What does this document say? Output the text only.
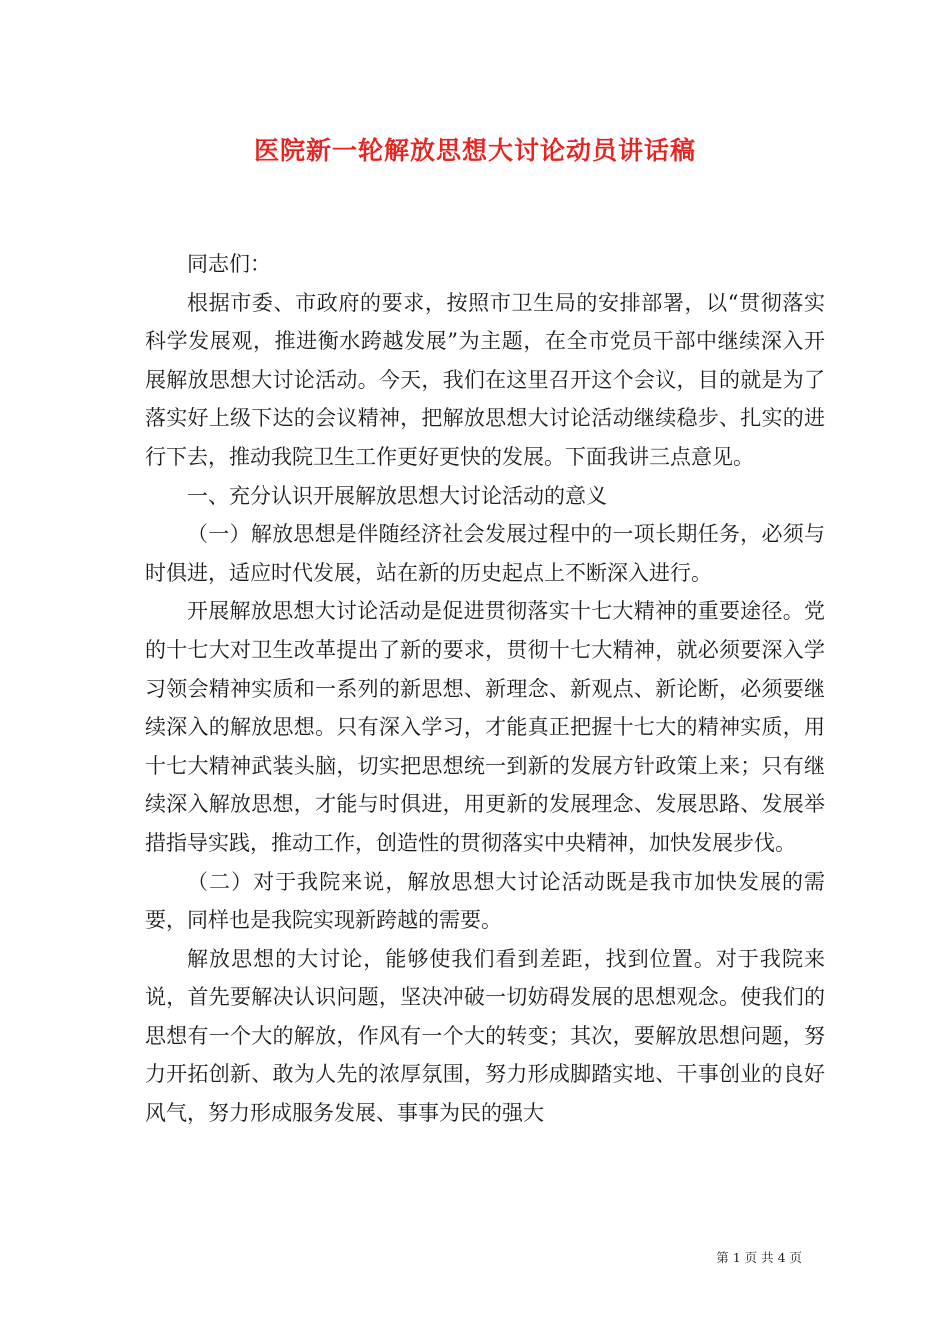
医院新一轮解放思想大讨论动员讲话稿

同志们：

根据市委、市政府的要求，按照市卫生局的安排部署，以“贯彻落实科学发展观，推进衡水跨越发展”为主题，在全市党员干部中继续深入开展解放思想大讨论活动。今天，我们在这里召开这个会议，目的就是为了落实好上级下达的会议精神，把解放思想大讨论活动继续稳步、扎实的进行下去，推动我院卫生工作更好更快的发展。下面我讲三点意见。

一、充分认识开展解放思想大讨论活动的意义

（一）解放思想是伴随经济社会发展过程中的一项长期任务，必须与时俱进，适应时代发展，站在新的历史起点上不断深入进行。

开展解放思想大讨论活动是促进贯彻落实十七大精神的重要途径。党的十七大对卫生改革提出了新的要求，贯彻十七大精神，就必须要深入学习领会精神实质和一系列的新思想、新理念、新观点、新论断，必须要继续深入的解放思想。只有深入学习，才能真正把握十七大的精神实质，用十七大精神武装头脑，切实把思想统一到新的发展方针政策上来；只有继续深入解放思想，才能与时俱进，用更新的发展理念、发展思路、发展举措指导实践，推动工作，创造性的贯彻落实中央精神，加快发展步伐。

（二）对于我院来说，解放思想大讨论活动既是我市加快发展的需要，同样也是我院实现新跨越的需要。

解放思想的大讨论，能够使我们看到差距，找到位置。对于我院来说，首先要解决认识问题，坚决冲破一切妨碍发展的思想观念。使我们的思想有一个大的解放，作风有一个大的转变；其次，要解放思想问题，努力开拓创新、敢为人先的浓厚氛围，努力形成脚踏实地、干事创业的良好风气，努力形成服务发展、事事为民的强大

第 1 页 共 4 页
